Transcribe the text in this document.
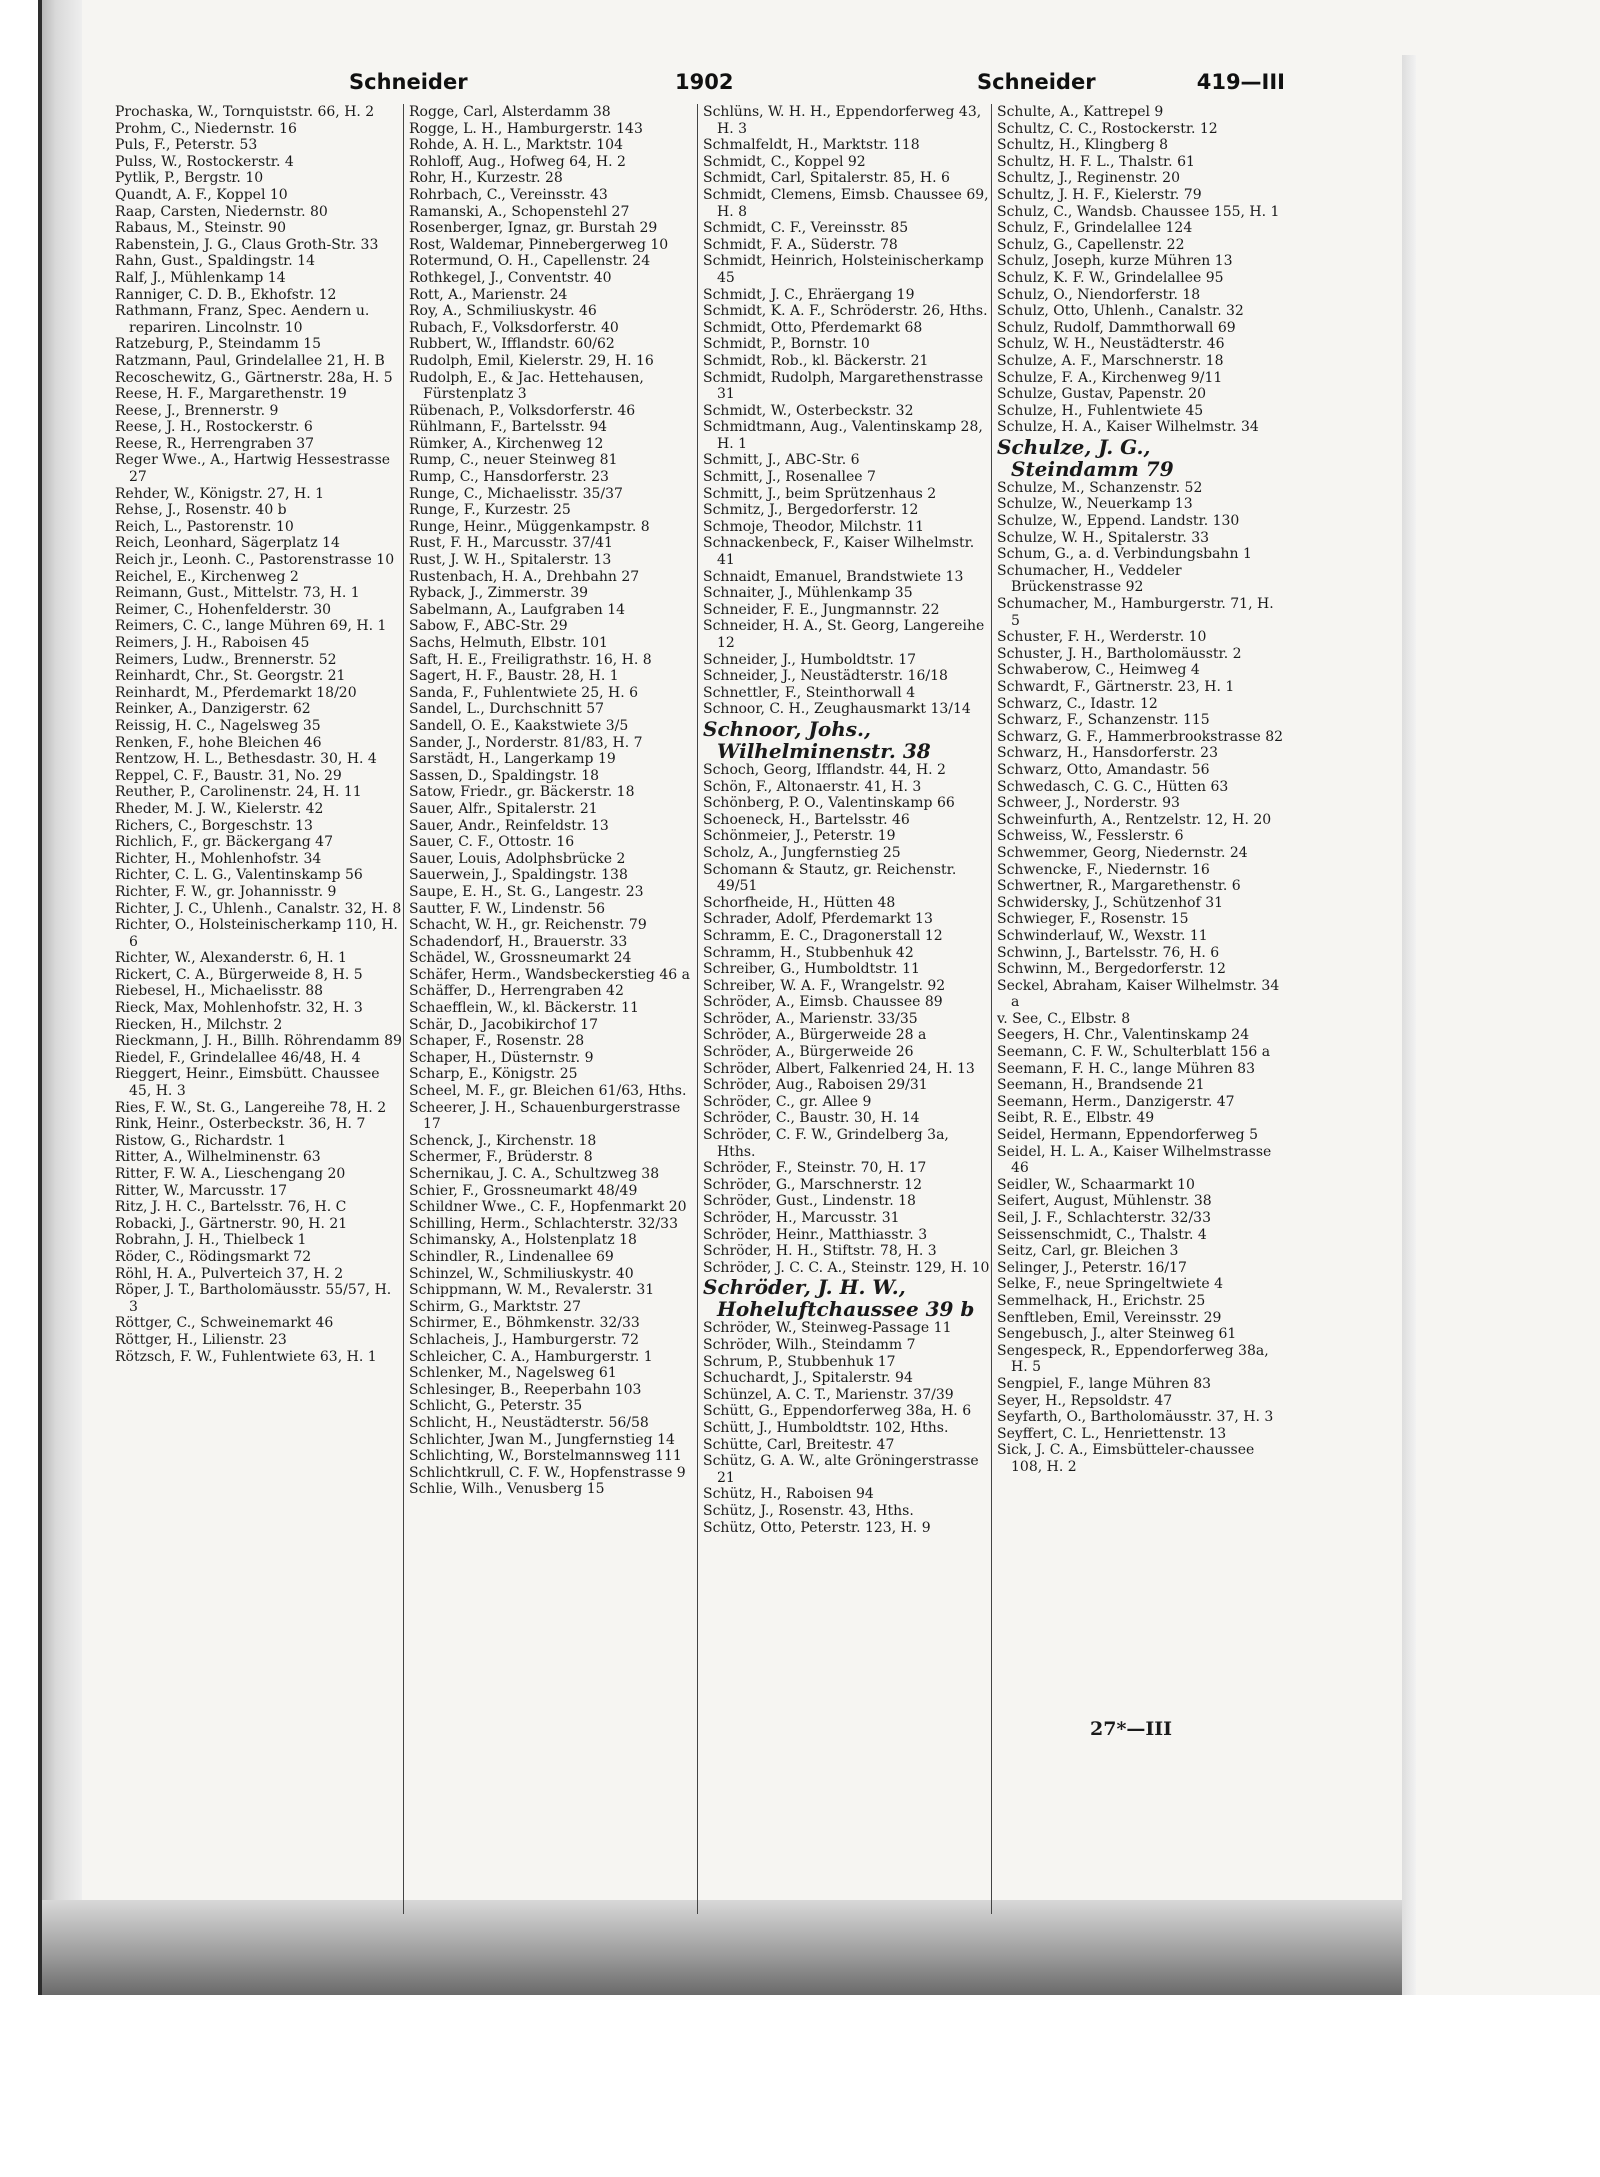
Schneider	1902	Schneider	419—III

Prochaska, W., Tornquiststr. 66, H. 2

Prohm, C., Niedernstr. 16

Puls, F., Peterstr. 53

Pulss, W., Rostockerstr. 4

Pytlik, P., Bergstr. 10

Quandt, A. F., Koppel 10

Raap, Carsten, Niedernstr. 80

Rabaus, M., Steinstr. 90

Rabenstein, J. G., Claus Groth-Str. 33

Rahn, Gust., Spaldingstr. 14

Ralf, J., Mühlenkamp 14

Ranniger, C. D. B., Ekhofstr. 12

Rathmann, Franz, Spec. Aendern u. repariren. Lincolnstr. 10

Ratzeburg, P., Steindamm 15

Ratzmann, Paul, Grindelallee 21, H. B

Recoschewitz, G., Gärtnerstr. 28a, H. 5

Reese, H. F., Margarethenstr. 19

Reese, J., Brennerstr. 9

Reese, J. H., Rostockerstr. 6

Reese, R., Herrengraben 37

Reger Wwe., A., Hartwig Hessestrasse 27

Rehder, W., Königstr. 27, H. 1

Rehse, J., Rosenstr. 40 b

Reich, L., Pastorenstr. 10

Reich, Leonhard, Sägerplatz 14

Reich jr., Leonh. C., Pastorenstrasse 10

Reichel, E., Kirchenweg 2

Reimann, Gust., Mittelstr. 73, H. 1

Reimer, C., Hohenfelderstr. 30

Reimers, C. C., lange Mühren 69, H. 1

Reimers, J. H., Raboisen 45

Reimers, Ludw., Brennerstr. 52

Reinhardt, Chr., St. Georgstr. 21

Reinhardt, M., Pferdemarkt 18/20

Reinker, A., Danzigerstr. 62

Reissig, H. C., Nagelsweg 35

Renken, F., hohe Bleichen 46

Rentzow, H. L., Bethesdastr. 30, H. 4

Reppel, C. F., Baustr. 31, No. 29

Reuther, P., Carolinenstr. 24, H. 11

Rheder, M. J. W., Kielerstr. 42

Richers, C., Borgeschstr. 13

Richlich, F., gr. Bäckergang 47

Richter, H., Mohlenhofstr. 34

Richter, C. L. G., Valentinskamp 56

Richter, F. W., gr. Johannisstr. 9

Richter, J. C., Uhlenh., Canalstr. 32, H. 8

Richter, O., Holsteinischerkamp 110, H. 6

Richter, W., Alexanderstr. 6, H. 1

Rickert, C. A., Bürgerweide 8, H. 5

Riebesel, H., Michaelisstr. 88

Rieck, Max, Mohlenhofstr. 32, H. 3

Riecken, H., Milchstr. 2

Rieckmann, J. H., Billh. Röhrendamm 89

Riedel, F., Grindelallee 46/48, H. 4

Rieggert, Heinr., Eimsbütt. Chaussee 45, H. 3

Ries, F. W., St. G., Langereihe 78, H. 2

Rink, Heinr., Osterbeckstr. 36, H. 7

Ristow, G., Richardstr. 1

Ritter, A., Wilhelminenstr. 63

Ritter, F. W. A., Lieschengang 20

Ritter, W., Marcusstr. 17

Ritz, J. H. C., Bartelsstr. 76, H. C

Robacki, J., Gärtnerstr. 90, H. 21

Robrahn, J. H., Thielbeck 1

Röder, C., Rödingsmarkt 72

Röhl, H. A., Pulverteich 37, H. 2

Röper, J. T., Bartholomäusstr. 55/57, H. 3

Röttger, C., Schweinemarkt 46

Röttger, H., Lilienstr. 23

Rötzsch, F. W., Fuhlentwiete 63, H. 1

Rogge, Carl, Alsterdamm 38

Rogge, L. H., Hamburgerstr. 143

Rohde, A. H. L., Marktstr. 104

Rohloff, Aug., Hofweg 64, H. 2

Rohr, H., Kurzestr. 28

Rohrbach, C., Vereinsstr. 43

Ramanski, A., Schopenstehl 27

Rosenberger, Ignaz, gr. Burstah 29

Rost, Waldemar, Pinnebergerweg 10

Rotermund, O. H., Capellenstr. 24

Rothkegel, J., Conventstr. 40

Rott, A., Marienstr. 24

Roy, A., Schmiliuskystr. 46

Rubach, F., Volksdorferstr. 40

Rubbert, W., Ifflandstr. 60/62

Rudolph, Emil, Kielerstr. 29, H. 16

Rudolph, E., & Jac. Hettehausen, Fürstenplatz 3

Rübenach, P., Volksdorferstr. 46

Rühlmann, F., Bartelsstr. 94

Rümker, A., Kirchenweg 12

Rump, C., neuer Steinweg 81

Rump, C., Hansdorferstr. 23

Runge, C., Michaelisstr. 35/37

Runge, F., Kurzestr. 25

Runge, Heinr., Müggenkampstr. 8

Rust, F. H., Marcusstr. 37/41

Rust, J. W. H., Spitalerstr. 13

Rustenbach, H. A., Drehbahn 27

Ryback, J., Zimmerstr. 39

Sabelmann, A., Laufgraben 14

Sabow, F., ABC-Str. 29

Sachs, Helmuth, Elbstr. 101

Saft, H. E., Freiligrathstr. 16, H. 8

Sagert, H. F., Baustr. 28, H. 1

Sanda, F., Fuhlentwiete 25, H. 6

Sandel, L., Durchschnitt 57

Sandell, O. E., Kaakstwiete 3/5

Sander, J., Norderstr. 81/83, H. 7

Sarstädt, H., Langerkamp 19

Sassen, D., Spaldingstr. 18

Satow, Friedr., gr. Bäckerstr. 18

Sauer, Alfr., Spitalerstr. 21

Sauer, Andr., Reinfeldstr. 13

Sauer, C. F., Ottostr. 16

Sauer, Louis, Adolphsbrücke 2

Sauerwein, J., Spaldingstr. 138

Saupe, E. H., St. G., Langestr. 23

Sautter, F. W., Lindenstr. 56

Schacht, W. H., gr. Reichenstr. 79

Schadendorf, H., Brauerstr. 33

Schädel, W., Grossneumarkt 24

Schäfer, Herm., Wandsbeckerstieg 46 a

Schäffer, D., Herrengraben 42

Schaefflein, W., kl. Bäckerstr. 11

Schär, D., Jacobikirchof 17

Schaper, F., Rosenstr. 28

Schaper, H., Düsternstr. 9

Scharp, E., Königstr. 25

Scheel, M. F., gr. Bleichen 61/63, Hths.

Scheerer, J. H., Schauenburgerstrasse 17

Schenck, J., Kirchenstr. 18

Schermer, F., Brüderstr. 8

Schernikau, J. C. A., Schultzweg 38

Schier, F., Grossneumarkt 48/49

Schildner Wwe., C. F., Hopfenmarkt 20

Schilling, Herm., Schlachterstr. 32/33

Schimansky, A., Holstenplatz 18

Schindler, R., Lindenallee 69

Schinzel, W., Schmiliuskystr. 40

Schippmann, W. M., Revalerstr. 31

Schirm, G., Marktstr. 27

Schirmer, E., Böhmkenstr. 32/33

Schlacheis, J., Hamburgerstr. 72

Schleicher, C. A., Hamburgerstr. 1

Schlenker, M., Nagelsweg 61

Schlesinger, B., Reeperbahn 103

Schlicht, G., Peterstr. 35

Schlicht, H., Neustädterstr. 56/58

Schlichter, Jwan M., Jungfernstieg 14

Schlichting, W., Borstelmannsweg 111

Schlichtkrull, C. F. W., Hopfenstrasse 9

Schlie, Wilh., Venusberg 15

Schlüns, W. H. H., Eppendorferweg 43, H. 3

Schmalfeldt, H., Marktstr. 118

Schmidt, C., Koppel 92

Schmidt, Carl, Spitalerstr. 85, H. 6

Schmidt, Clemens, Eimsb. Chaussee 69, H. 8

Schmidt, C. F., Vereinsstr. 85

Schmidt, F. A., Süderstr. 78

Schmidt, Heinrich, Holsteinischerkamp 45

Schmidt, J. C., Ehräergang 19

Schmidt, K. A. F., Schröderstr. 26, Hths.

Schmidt, Otto, Pferdemarkt 68

Schmidt, P., Bornstr. 10

Schmidt, Rob., kl. Bäckerstr. 21

Schmidt, Rudolph, Margarethenstrasse 31

Schmidt, W., Osterbeckstr. 32

Schmidtmann, Aug., Valentinskamp 28, H. 1

Schmitt, J., ABC-Str. 6

Schmitt, J., Rosenallee 7

Schmitt, J., beim Sprützenhaus 2

Schmitz, J., Bergedorferstr. 12

Schmoje, Theodor, Milchstr. 11

Schnackenbeck, F., Kaiser Wilhelmstr. 41

Schnaidt, Emanuel, Brandstwiete 13

Schnaiter, J., Mühlenkamp 35

Schneider, F. E., Jungmannstr. 22

Schneider, H. A., St. Georg, Langereihe 12

Schneider, J., Humboldtstr. 17

Schneider, J., Neustädterstr. 16/18

Schnettler, F., Steinthorwall 4

Schnoor, C. H., Zeughausmarkt 13/14

Schnoor, Johs., Wilhelminenstr. 38

Schoch, Georg, Ifflandstr. 44, H. 2

Schön, F., Altonaerstr. 41, H. 3

Schönberg, P. O., Valentinskamp 66

Schoeneck, H., Bartelsstr. 46

Schönmeier, J., Peterstr. 19

Scholz, A., Jungfernstieg 25

Schomann & Stautz, gr. Reichenstr. 49/51

Schorfheide, H., Hütten 48

Schrader, Adolf, Pferdemarkt 13

Schramm, E. C., Dragonerstall 12

Schramm, H., Stubbenhuk 42

Schreiber, G., Humboldtstr. 11

Schreiber, W. A. F., Wrangelstr. 92

Schröder, A., Eimsb. Chaussee 89

Schröder, A., Marienstr. 33/35

Schröder, A., Bürgerweide 28 a

Schröder, A., Bürgerweide 26

Schröder, Albert, Falkenried 24, H. 13

Schröder, Aug., Raboisen 29/31

Schröder, C., gr. Allee 9

Schröder, C., Baustr. 30, H. 14

Schröder, C. F. W., Grindelberg 3a, Hths.

Schröder, F., Steinstr. 70, H. 17

Schröder, G., Marschnerstr. 12

Schröder, Gust., Lindenstr. 18

Schröder, H., Marcusstr. 31

Schröder, Heinr., Matthiasstr. 3

Schröder, H. H., Stiftstr. 78, H. 3

Schröder, J. C. C. A., Steinstr. 129, H. 10

Schröder, J. H. W., Hoheluftchaussee 39 b

Schröder, W., Steinweg-Passage 11

Schröder, Wilh., Steindamm 7

Schrum, P., Stubbenhuk 17

Schuchardt, J., Spitalerstr. 94

Schünzel, A. C. T., Marienstr. 37/39

Schütt, G., Eppendorferweg 38a, H. 6

Schütt, J., Humboldtstr. 102, Hths.

Schütte, Carl, Breitestr. 47

Schütz, G. A. W., alte Gröningerstrasse 21

Schütz, H., Raboisen 94

Schütz, J., Rosenstr. 43, Hths.

Schütz, Otto, Peterstr. 123, H. 9

Schulte, A., Kattrepel 9

Schultz, C. C., Rostockerstr. 12

Schultz, H., Klingberg 8

Schultz, H. F. L., Thalstr. 61

Schultz, J., Reginenstr. 20

Schultz, J. H. F., Kielerstr. 79

Schulz, C., Wandsb. Chaussee 155, H. 1

Schulz, F., Grindelallee 124

Schulz, G., Capellenstr. 22

Schulz, Joseph, kurze Mühren 13

Schulz, K. F. W., Grindelallee 95

Schulz, O., Niendorferstr. 18

Schulz, Otto, Uhlenh., Canalstr. 32

Schulz, Rudolf, Dammthorwall 69

Schulz, W. H., Neustädterstr. 46

Schulze, A. F., Marschnerstr. 18

Schulze, F. A., Kirchenweg 9/11

Schulze, Gustav, Papenstr. 20

Schulze, H., Fuhlentwiete 45

Schulze, H. A., Kaiser Wilhelmstr. 34

Schulze, J. G., Steindamm 79

Schulze, M., Schanzenstr. 52

Schulze, W., Neuerkamp 13

Schulze, W., Eppend. Landstr. 130

Schulze, W. H., Spitalerstr. 33

Schum, G., a. d. Verbindungsbahn 1

Schumacher, H., Veddeler Brückenstrasse 92

Schumacher, M., Hamburgerstr. 71, H. 5

Schuster, F. H., Werderstr. 10

Schuster, J. H., Bartholomäusstr. 2

Schwaberow, C., Heimweg 4

Schwardt, F., Gärtnerstr. 23, H. 1

Schwarz, C., Idastr. 12

Schwarz, F., Schanzenstr. 115

Schwarz, G. F., Hammerbrookstrasse 82

Schwarz, H., Hansdorferstr. 23

Schwarz, Otto, Amandastr. 56

Schwedasch, C. G. C., Hütten 63

Schweer, J., Norderstr. 93

Schweinfurth, A., Rentzelstr. 12, H. 20

Schweiss, W., Fesslerstr. 6

Schwemmer, Georg, Niedernstr. 24

Schwencke, F., Niedernstr. 16

Schwertner, R., Margarethenstr. 6

Schwidersky, J., Schützenhof 31

Schwieger, F., Rosenstr. 15

Schwinderlauf, W., Wexstr. 11

Schwinn, J., Bartelsstr. 76, H. 6

Schwinn, M., Bergedorferstr. 12

Seckel, Abraham, Kaiser Wilhelmstr. 34 a

v. See, C., Elbstr. 8

Seegers, H. Chr., Valentinskamp 24

Seemann, C. F. W., Schulterblatt 156 a

Seemann, F. H. C., lange Mühren 83

Seemann, H., Brandsende 21

Seemann, Herm., Danzigerstr. 47

Seibt, R. E., Elbstr. 49

Seidel, Hermann, Eppendorferweg 5

Seidel, H. L. A., Kaiser Wilhelmstrasse 46

Seidler, W., Schaarmarkt 10

Seifert, August, Mühlenstr. 38

Seil, J. F., Schlachterstr. 32/33

Seissenschmidt, C., Thalstr. 4

Seitz, Carl, gr. Bleichen 3

Selinger, J., Peterstr. 16/17

Selke, F., neue Springeltwiete 4

Semmelhack, H., Erichstr. 25

Senftleben, Emil, Vereinsstr. 29

Sengebusch, J., alter Steinweg 61

Sengespeck, R., Eppendorferweg 38a, H. 5

Sengpiel, F., lange Mühren 83

Seyer, H., Repsoldstr. 47

Seyfarth, O., Bartholomäusstr. 37, H. 3

Seyffert, C. L., Henriettenstr. 13

Sick, J. C. A., Eimsbütteler-chaussee 108, H. 2

27*—III
